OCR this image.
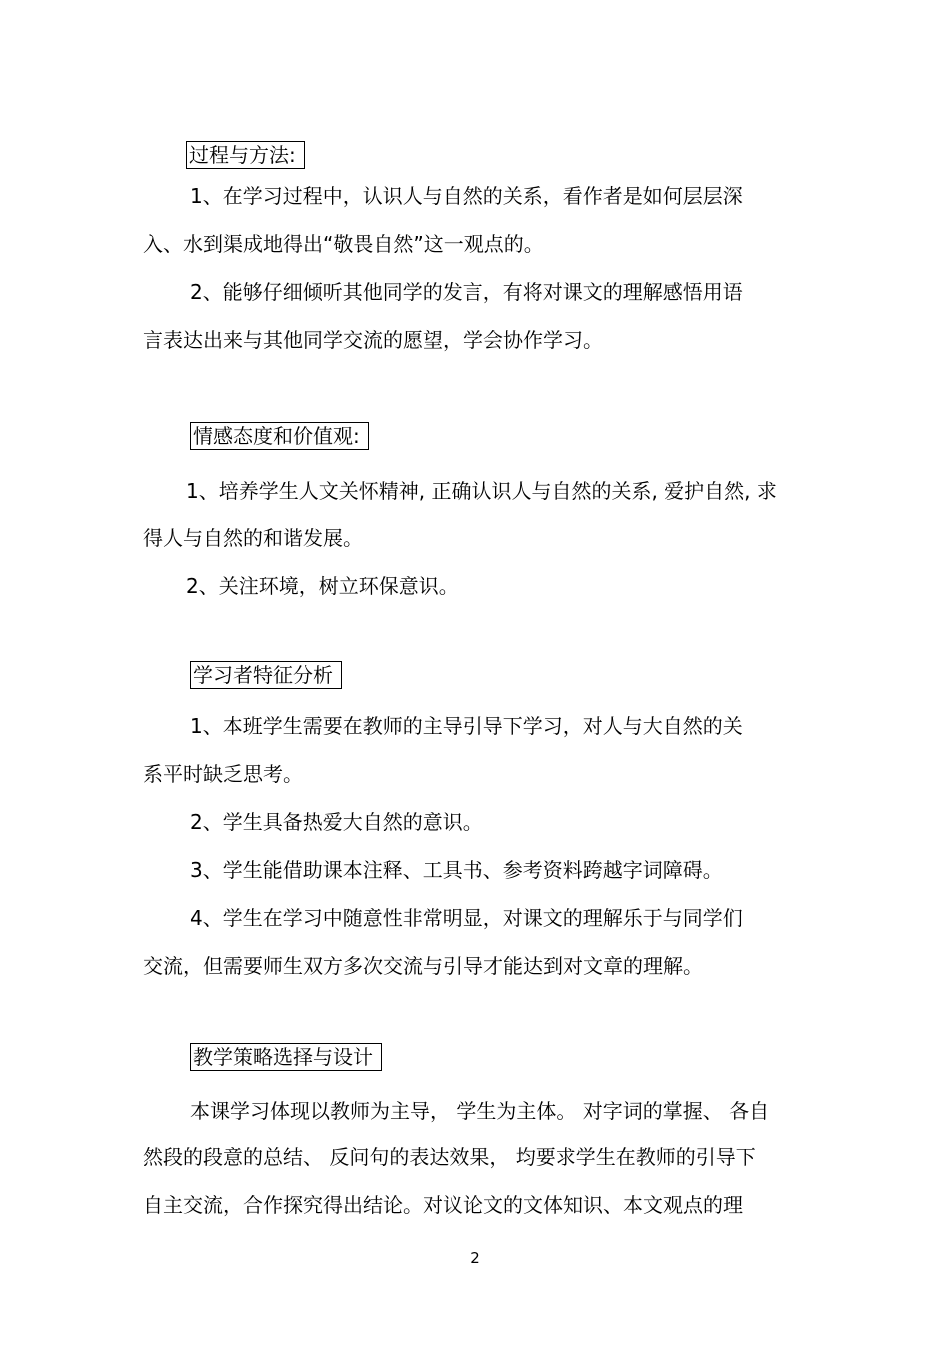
过程与方法:
1、在学习过程中，认识人与自然的关系，看作者是如何层层深
入、水到渠成地得出“敬畏自然”这一观点的。
2、能够仔细倾听其他同学的发言，有将对课文的理解感悟用语
言表达出来与其他同学交流的愿望，学会协作学习。
情感态度和价值观:
1、培养学生人文关怀精神, 正确认识人与自然的关系, 爱护自然, 求
得人与自然的和谐发展。
2、关注环境，树立环保意识。
学习者特征分析
1、本班学生需要在教师的主导引导下学习，对人与大自然的关
系平时缺乏思考。
2、学生具备热爱大自然的意识。
3、学生能借助课本注释、工具书、参考资料跨越字词障碍。
4、学生在学习中随意性非常明显，对课文的理解乐于与同学们
交流，但需要师生双方多次交流与引导才能达到对文章的理解。
教学策略选择与设计
本课学习体现以教师为主导， 学生为主体。 对字词的掌握、 各自
然段的段意的总结、 反问句的表达效果， 均要求学生在教师的引导下
自主交流，合作探究得出结论。对议论文的文体知识、本文观点的理
2
